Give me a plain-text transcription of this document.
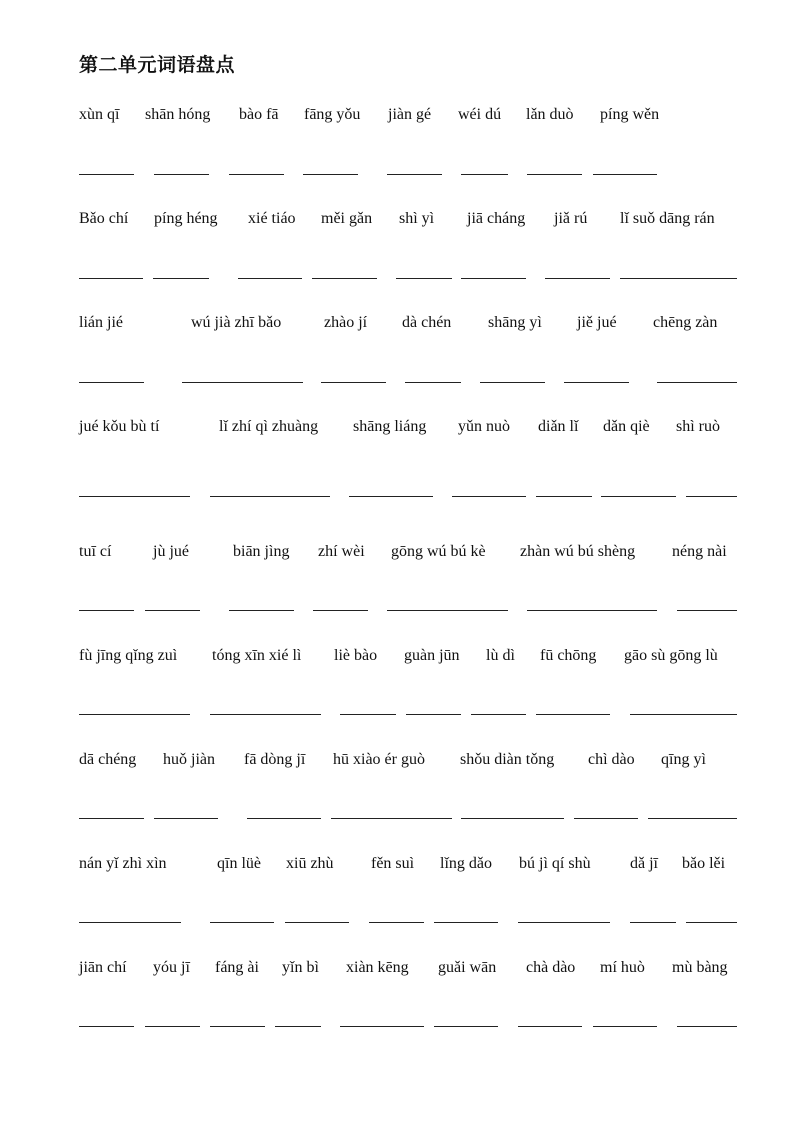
第二单元词语盘点
xùn qī shān hóng bào fā fāng yǒu jiàn gé wéi dú lǎn duò píng wěn
Bǎo chí píng héng xié tiáo měi gǎn shì yì jiā cháng jiǎ rú lǐ suǒ dāng rán
lián jié	wú jià zhī bǎo	zhào jí dà chén shāng yì jiě jué chēng zàn
jué kǒu bù tí	lǐ zhí qì zhuàng shāng liáng yǔn nuò diǎn lǐ dǎn qiè shì ruò
tuī cí	jù jué	biān jìng zhí wèi gōng wú bú kè zhàn wú bú shèng néng nài
fù jīng qǐng zuì tóng xīn xié lì liè bào guàn jūn lù dì fū chōng gāo sù gōng lù
dā chéng huǒ jiàn fā dòng jī hū xiào ér guò shǒu diàn tǒng chì dào qīng yì
nán yǐ zhì xìn	qīn lüè xiū zhù fěn suì lǐng dǎo bú jì qí shù dǎ jī bǎo lěi
jiān chí yóu jī fáng ài yǐn bì xiàn kēng guǎi wān chà dào mí huò mù bàng
